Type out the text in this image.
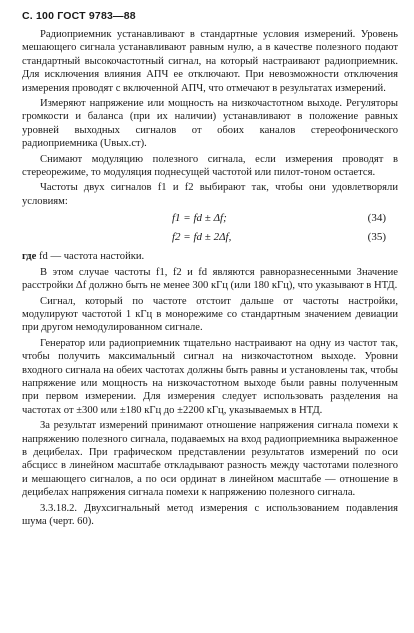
С. 100 ГОСТ 9783—88

Радиоприемник устанавливают в стандартные условия измерений. Уровень мешающего сигнала устанавливают равным нулю, а в качестве полезного подают стандартный высокочастотный сигнал, на который настраивают радиоприемник. Для исключения влияния АПЧ ее отключают. При невозможности отключения измерения проводят с включенной АПЧ, что отмечают в результатах измерений.

Измеряют напряжение или мощность на низкочастотном выходе. Регуляторы громкости и баланса (при их наличии) устанавливают в положение равных уровней выходных сигналов от обоих каналов стереофонического радиоприемника (Uвых.ст).

Снимают модуляцию полезного сигнала, если измерения проводят в стереорежиме, то модуляция поднесущей частотой или пилот-тоном остается.

Частоты двух сигналов f1 и f2 выбирают так, чтобы они удовлетворяли условиям:

f1 = fd ± Δf;	(34)
f2 = fd ± 2Δf,	(35)
где fd — частота настойки.

В этом случае частоты f1, f2 и fd являются равноразнесенными Значение расстройки Δf должно быть не менее 300 кГц (или 180 кГц), что указывают в НТД.

Сигнал, который по частоте отстоит дальше от частоты настройки, модулируют частотой 1 кГц в монорежиме со стандартным значением девиации при другом немодулированном сигнале.

Генератор или радиоприемник тщательно настраивают на одну из частот так, чтобы получить максимальный сигнал на низкочастотном выходе. Уровни входного сигнала на обеих частотах должны быть равны и установлены так, чтобы напряжение или мощность на низкочастотном выходе были равны полученным при первом измерении. Для измерения следует использовать разделения на частотах от ±300 или ±180 кГц до ±2200 кГц, указываемых в НТД.

За результат измерений принимают отношение напряжения сигнала помехи к напряжению полезного сигнала, подаваемых на вход радиоприемника выраженное в децибелах. При графическом представлении результатов измерений по оси абсцисс в линейном масштабе откладывают разность между частотами полезного и мешающего сигналов, а по оси ординат в линейном масштабе — отношение в децибелах напряжения сигнала помехи к напряжению полезного сигнала.

3.3.18.2. Двухсигнальный метод измерения с использованием подавления шума (черт. 60).
